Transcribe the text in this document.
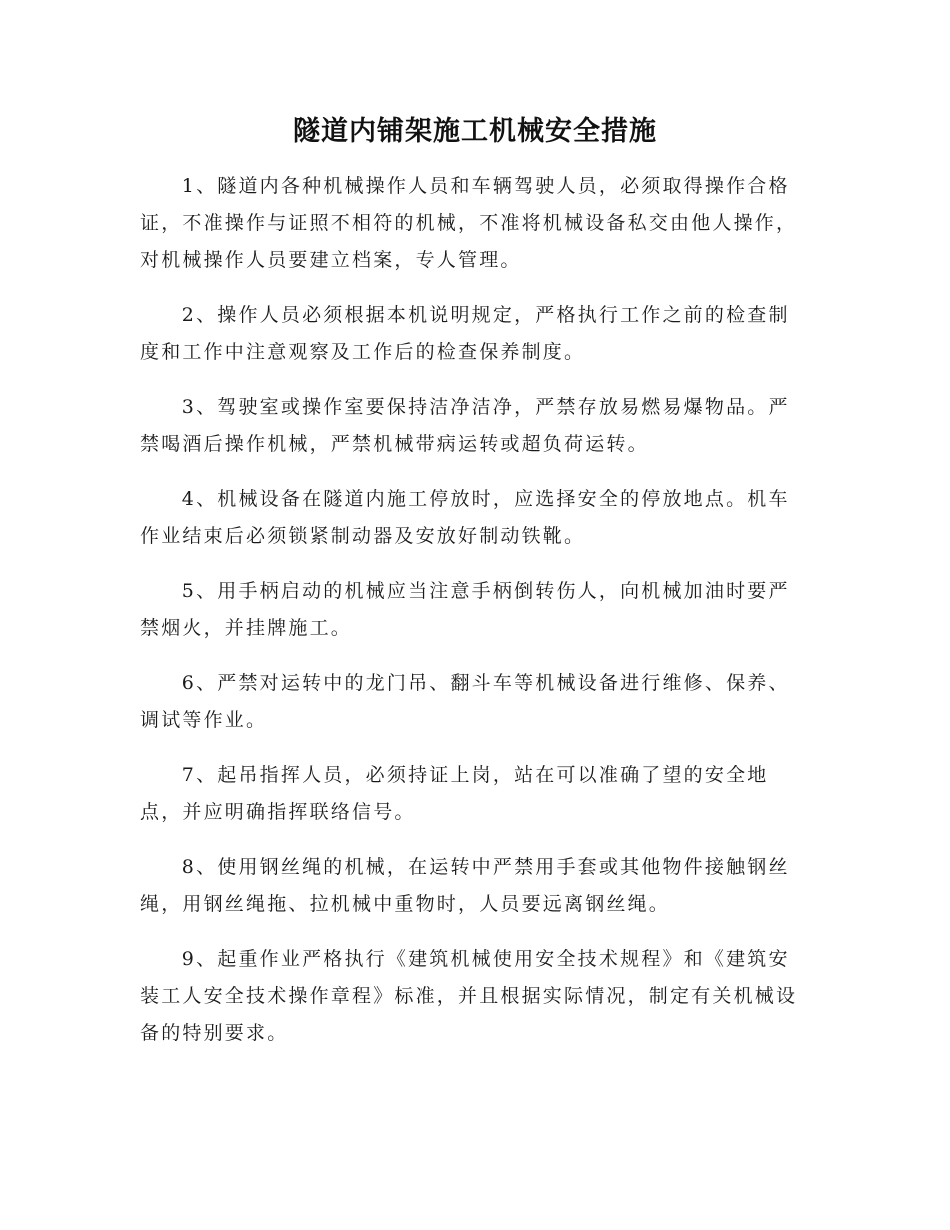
隧道内铺架施工机械安全措施

1、隧道内各种机械操作人员和车辆驾驶人员，必须取得操作合格证，不准操作与证照不相符的机械，不准将机械设备私交由他人操作，对机械操作人员要建立档案，专人管理。

2、操作人员必须根据本机说明规定，严格执行工作之前的检查制度和工作中注意观察及工作后的检查保养制度。

3、驾驶室或操作室要保持洁净洁净，严禁存放易燃易爆物品。严禁喝酒后操作机械，严禁机械带病运转或超负荷运转。

4、机械设备在隧道内施工停放时，应选择安全的停放地点。机车作业结束后必须锁紧制动器及安放好制动铁靴。

5、用手柄启动的机械应当注意手柄倒转伤人，向机械加油时要严禁烟火，并挂牌施工。

6、严禁对运转中的龙门吊、翻斗车等机械设备进行维修、保养、调试等作业。

7、起吊指挥人员，必须持证上岗，站在可以准确了望的安全地点，并应明确指挥联络信号。

8、使用钢丝绳的机械，在运转中严禁用手套或其他物件接触钢丝绳，用钢丝绳拖、拉机械中重物时，人员要远离钢丝绳。

9、起重作业严格执行《建筑机械使用安全技术规程》和《建筑安装工人安全技术操作章程》标准，并且根据实际情况，制定有关机械设备的特别要求。
